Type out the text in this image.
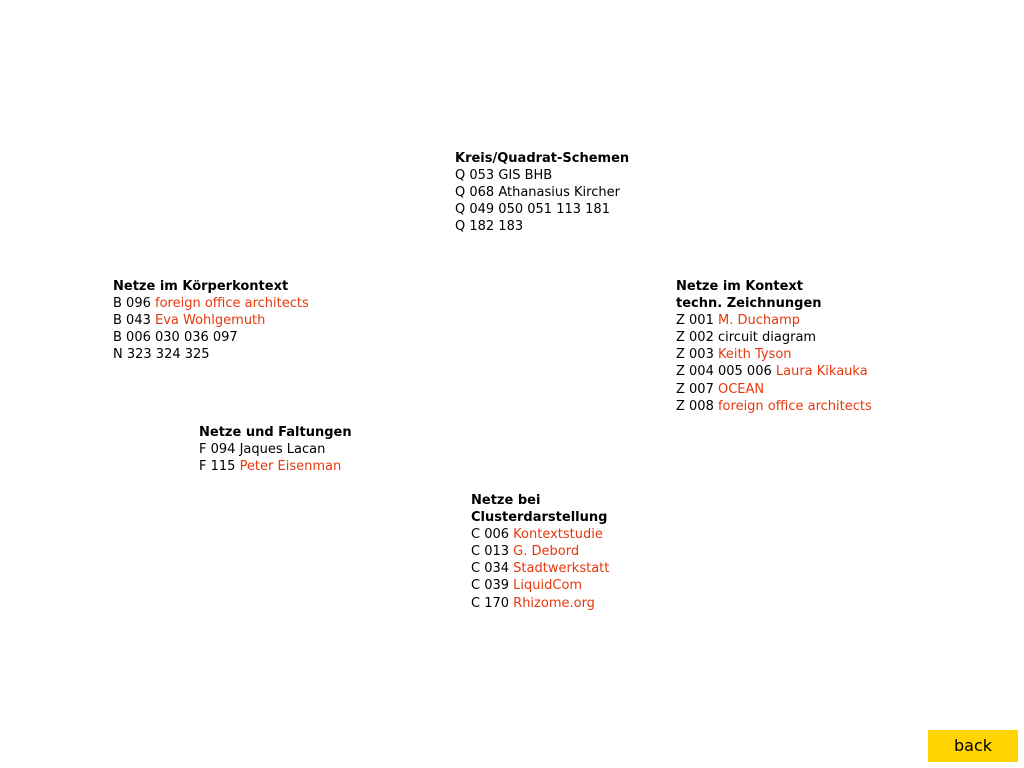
Kreis/Quadrat-Schemen
Q 053 GIS BHB
Q 068 Athanasius Kircher
Q 049 050 051 113 181
Q 182 183
Netze im Körperkontext
B 096 foreign office architects
B 043 Eva Wohlgemuth
B 006 030 036 097
N 323 324 325
Netze im Kontext
techn. Zeichnungen
Z 001 M. Duchamp
Z 002 circuit diagram
Z 003 Keith Tyson
Z 004 005 006 Laura Kikauka
Z 007 OCEAN
Z 008 foreign office architects
Netze und Faltungen
F 094 Jaques Lacan
F 115 Peter Eisenman
Netze bei
Clusterdarstellung
C 006 Kontextstudie
C 013 G. Debord
C 034 Stadtwerkstatt
C 039 LiquidCom
C 170 Rhizome.org
back
